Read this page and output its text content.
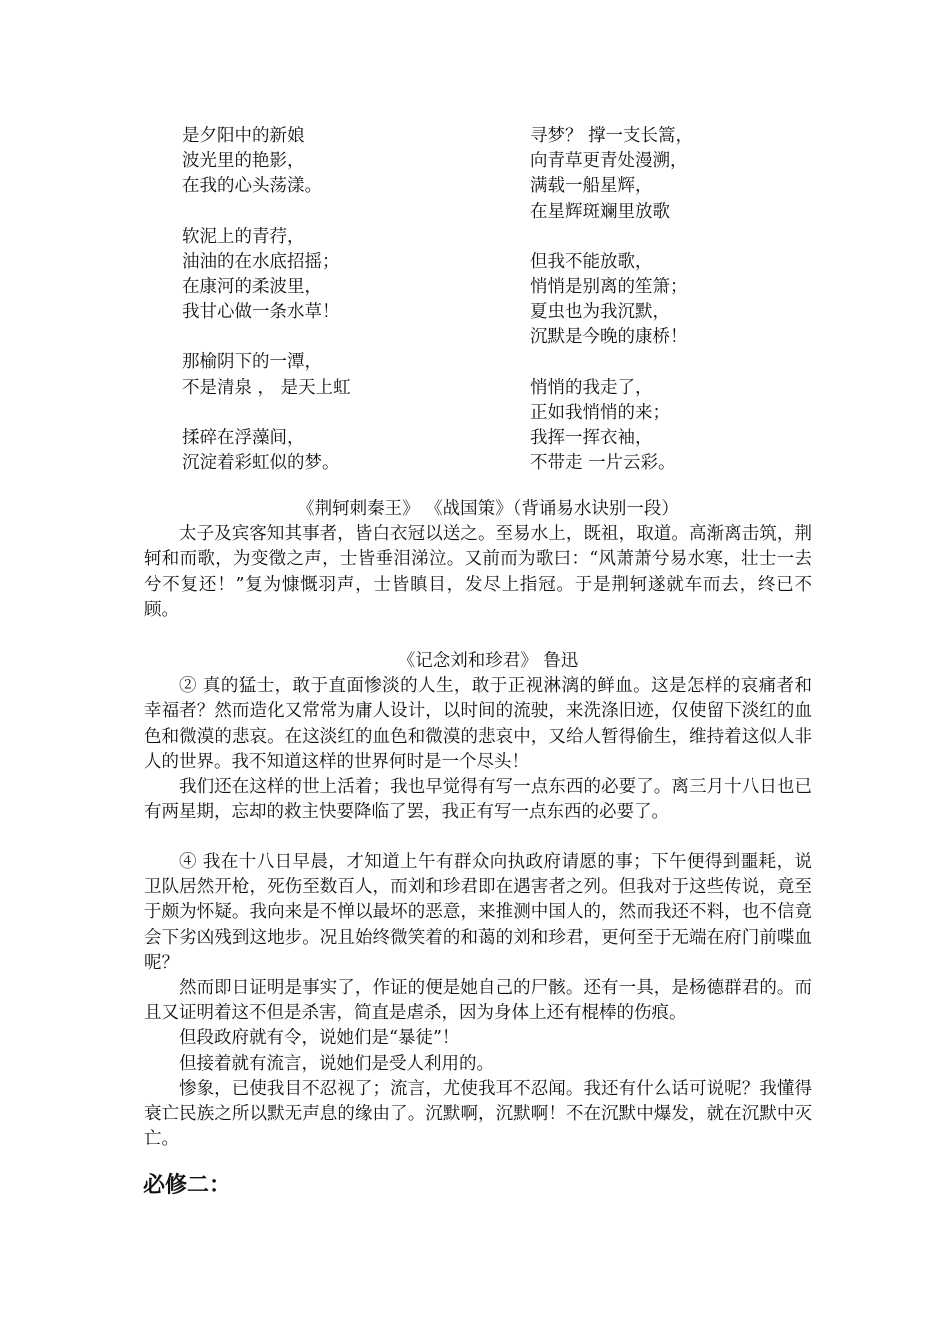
是夕阳中的新娘
波光里的艳影，
在我的心头荡漾。
软泥上的青荇，
油油的在水底招摇；
在康河的柔波里，
我甘心做一条水草！
那榆阴下的一潭，
不是清泉 ， 是天上虹
揉碎在浮藻间，
沉淀着彩虹似的梦。
寻梦？ 撑一支长篙，
向青草更青处漫溯，
满载一船星辉，
在星辉斑斓里放歌
但我不能放歌，
悄悄是别离的笙箫；
夏虫也为我沉默，
沉默是今晚的康桥！
悄悄的我走了，
正如我悄悄的来；
我挥一挥衣袖，
不带走 一片云彩。
《荆轲刺秦王》 《战国策》（背诵易水诀别一段）
太子及宾客知其事者，皆白衣冠以送之。至易水上，既祖，取道。高渐离击筑，荆轲和而歌，为变徵之声，士皆垂泪涕泣。又前而为歌曰：“风萧萧兮易水寒，壮士一去兮不复还！”复为慷慨羽声，士皆瞋目，发尽上指冠。于是荆轲遂就车而去，终已不顾。
《记念刘和珍君》 鲁迅
② 真的猛士，敢于直面惨淡的人生，敢于正视淋漓的鲜血。这是怎样的哀痛者和幸福者？然而造化又常常为庸人设计，以时间的流驶，来洗涤旧迹，仅使留下淡红的血色和微漠的悲哀。在这淡红的血色和微漠的悲哀中，又给人暂得偷生，维持着这似人非人的世界。我不知道这样的世界何时是一个尽头！
我们还在这样的世上活着；我也早觉得有写一点东西的必要了。离三月十八日也已有两星期，忘却的救主快要降临了罢，我正有写一点东西的必要了。
④ 我在十八日早晨，才知道上午有群众向执政府请愿的事；下午便得到噩耗，说卫队居然开枪，死伤至数百人，而刘和珍君即在遇害者之列。但我对于这些传说，竟至于颇为怀疑。我向来是不惮以最坏的恶意，来推测中国人的，然而我还不料，也不信竟会下劣凶残到这地步。况且始终微笑着的和蔼的刘和珍君，更何至于无端在府门前喋血呢？
然而即日证明是事实了，作证的便是她自己的尸骸。还有一具，是杨德群君的。而且又证明着这不但是杀害，简直是虐杀，因为身体上还有棍棒的伤痕。
但段政府就有令，说她们是“暴徒”！
但接着就有流言，说她们是受人利用的。
惨象，已使我目不忍视了；流言，尤使我耳不忍闻。我还有什么话可说呢？我懂得衰亡民族之所以默无声息的缘由了。沉默啊，沉默啊！不在沉默中爆发，就在沉默中灭亡。
必修二：
